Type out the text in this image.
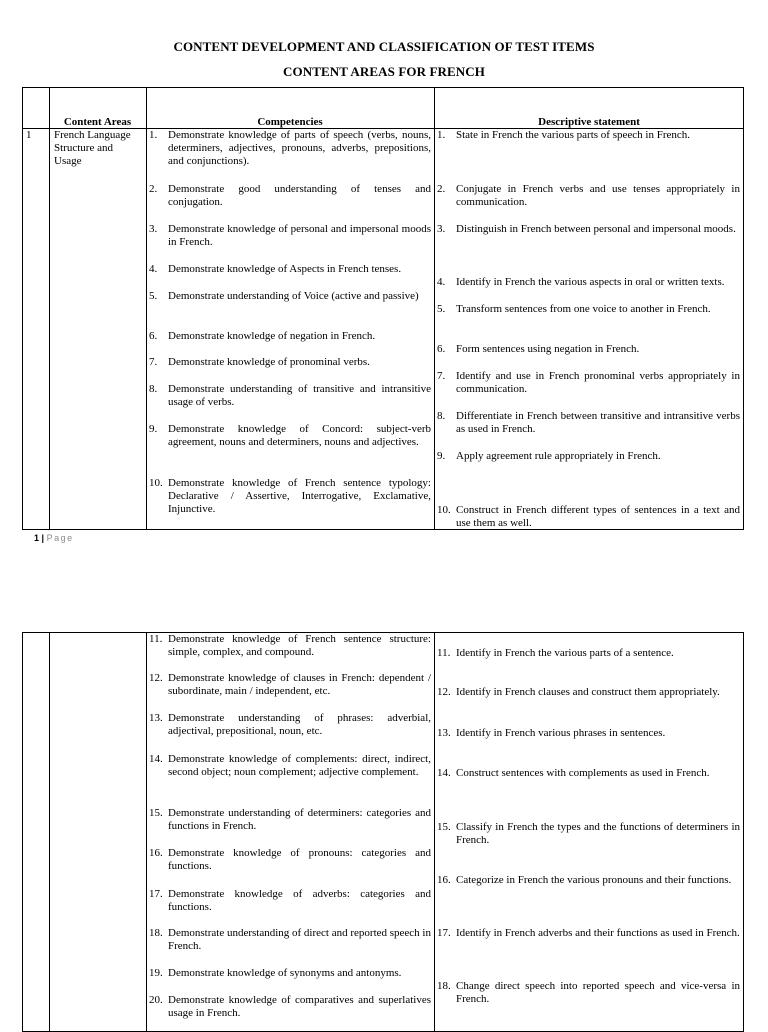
CONTENT DEVELOPMENT AND CLASSIFICATION OF TEST ITEMS
CONTENT AREAS FOR FRENCH
Content Areas	Competencies	Descriptive statement
1 French Language Structure and Usage
1. Demonstrate knowledge of parts of speech (verbs, nouns, determiners, adjectives, pronouns, adverbs, prepositions, and conjunctions).
2. Demonstrate good understanding of tenses and conjugation.
3. Demonstrate knowledge of personal and impersonal moods in French.
4. Demonstrate knowledge of Aspects in French tenses.
5. Demonstrate understanding of Voice (active and passive)
6. Demonstrate knowledge of negation in French.
7. Demonstrate knowledge of pronominal verbs.
8. Demonstrate understanding of transitive and intransitive usage of verbs.
9. Demonstrate knowledge of Concord: subject-verb agreement, nouns and determiners, nouns and adjectives.
10. Demonstrate knowledge of French sentence typology: Declarative / Assertive, Interrogative, Exclamative, Injunctive.
1. State in French the various parts of speech in French.
2. Conjugate in French verbs and use tenses appropriately in communication.
3. Distinguish in French between personal and impersonal moods.
4. Identify in French the various aspects in oral or written texts.
5. Transform sentences from one voice to another in French.
6. Form sentences using negation in French.
7. Identify and use in French pronominal verbs appropriately in communication.
8. Differentiate in French between transitive and intransitive verbs as used in French.
9. Apply agreement rule appropriately in French.
10. Construct in French different types of sentences in a text and use them as well.
1 | Page
11. Demonstrate knowledge of French sentence structure: simple, complex, and compound.
12. Demonstrate knowledge of clauses in French: dependent / subordinate, main / independent, etc.
13. Demonstrate understanding of phrases: adverbial, adjectival, prepositional, noun, etc.
14. Demonstrate knowledge of complements: direct, indirect, second object; noun complement; adjective complement.
15. Demonstrate understanding of determiners: categories and functions in French.
16. Demonstrate knowledge of pronouns: categories and functions.
17. Demonstrate knowledge of adverbs: categories and functions.
18. Demonstrate understanding of direct and reported speech in French.
19. Demonstrate knowledge of synonyms and antonyms.
20. Demonstrate knowledge of comparatives and superlatives usage in French.
11. Identify in French the various parts of a sentence.
12. Identify in French clauses and construct them appropriately.
13. Identify in French various phrases in sentences.
14. Construct sentences with complements as used in French.
15. Classify in French the types and the functions of determiners in French.
16. Categorize in French the various pronouns and their functions.
17. Identify in French adverbs and their functions as used in French.
18. Change direct speech into reported speech and vice-versa in French.
